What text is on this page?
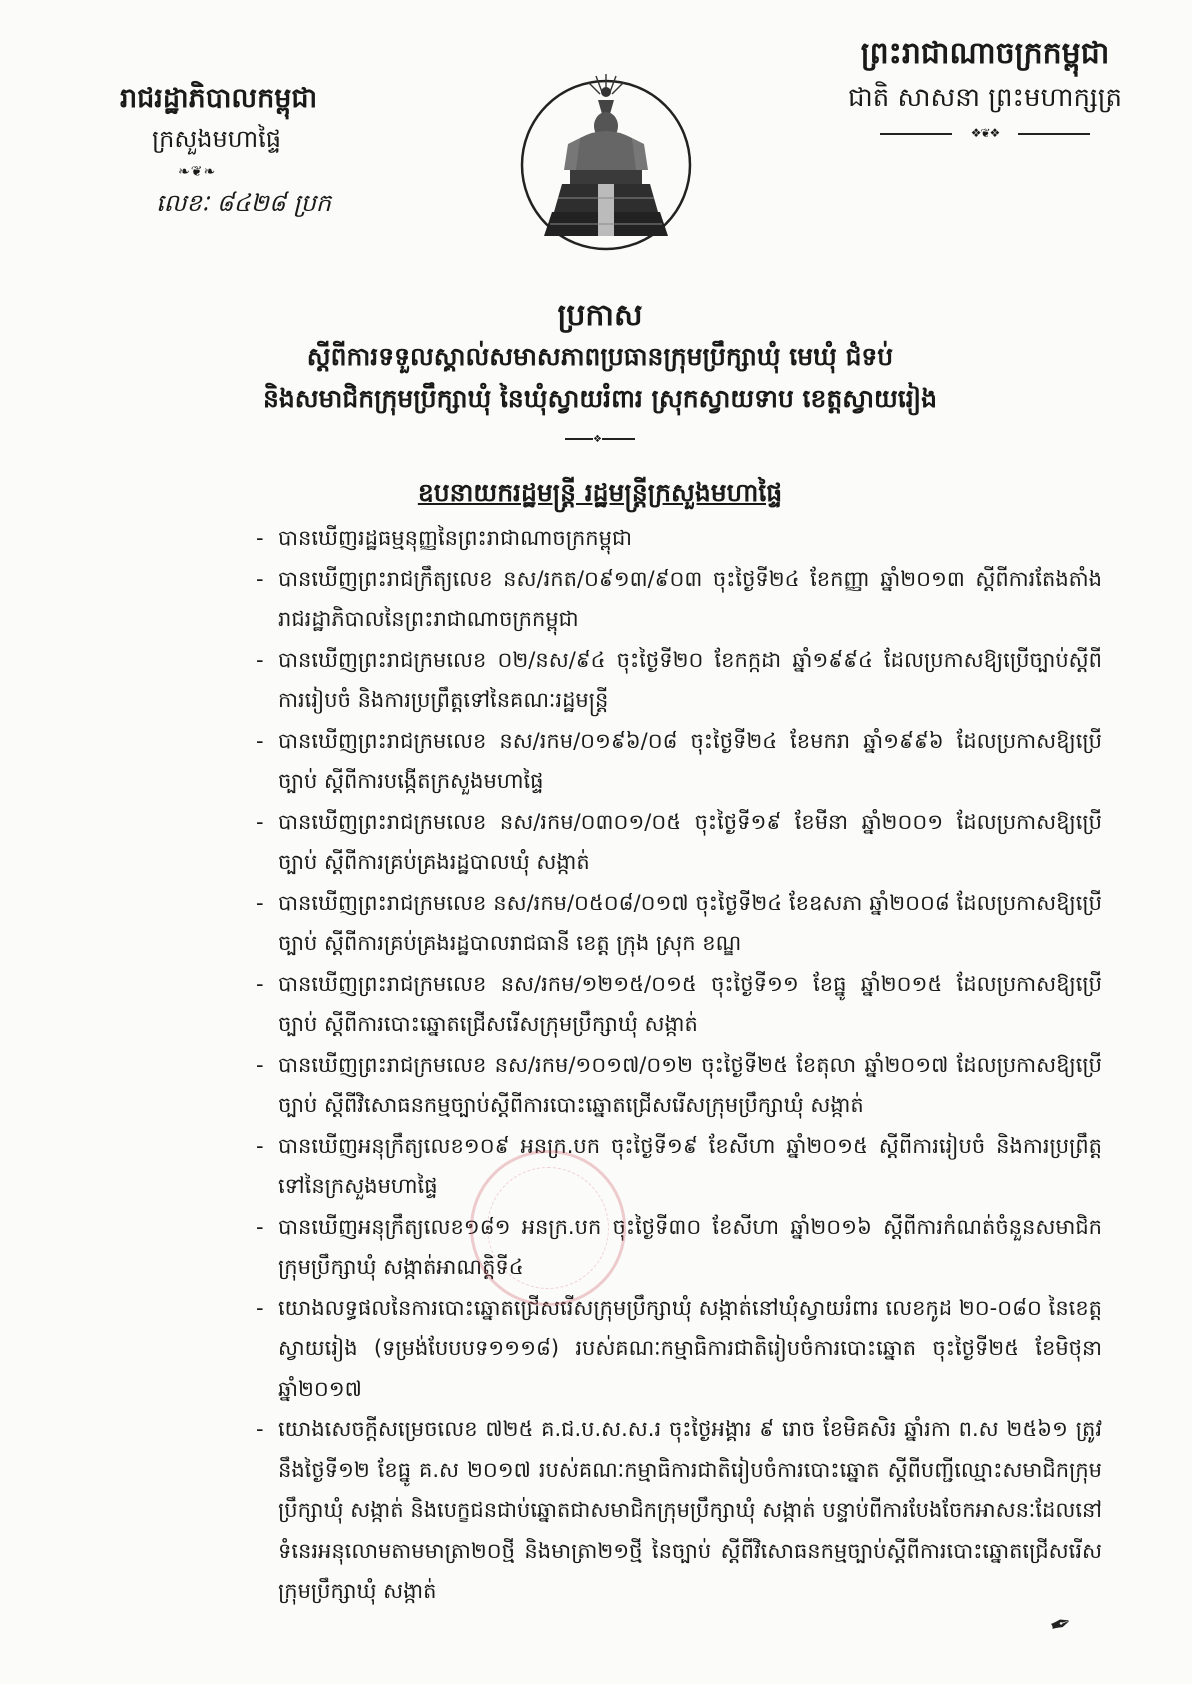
ព្រះរាជាណាចក្រកម្ពុជា
ជាតិ សាសនា ព្រះមហាក្សត្រ
❖❦❖
រាជរដ្ឋាភិបាលកម្ពុជា
ក្រសួងមហាផ្ទៃ
❧❦❧
លេខៈ ៨៤២៨ ប្រក
ប្រកាស
ស្តីពីការទទួលស្គាល់សមាសភាពប្រធានក្រុមប្រឹក្សាឃុំ មេឃុំ ជំទប់
និងសមាជិកក្រុមប្រឹក្សាឃុំ នៃឃុំស្វាយរំពារ ស្រុកស្វាយទាប ខេត្តស្វាយរៀង
❖
ឧបនាយករដ្ឋមន្ត្រី រដ្ឋមន្ត្រីក្រសួងមហាផ្ទៃ
- បានឃើញរដ្ឋធម្មនុញ្ញនៃព្រះរាជាណាចក្រកម្ពុជា
- បានឃើញព្រះរាជក្រឹត្យលេខ នស/រកត/០៩១៣/៩០៣ ចុះថ្ងៃទី២៤ ខែកញ្ញា ឆ្នាំ២០១៣ ស្តីពីការតែងតាំងរាជរដ្ឋាភិបាលនៃព្រះរាជាណាចក្រកម្ពុជា
- បានឃើញព្រះរាជក្រមលេខ ០២/នស/៩៤ ចុះថ្ងៃទី២០ ខែកក្កដា ឆ្នាំ១៩៩៤ ដែលប្រកាសឱ្យប្រើច្បាប់ស្តីពីការរៀបចំ និងការប្រព្រឹត្តទៅនៃគណៈរដ្ឋមន្ត្រី
- បានឃើញព្រះរាជក្រមលេខ នស/រកម/០១៩៦/០៨ ចុះថ្ងៃទី២៤ ខែមករា ឆ្នាំ១៩៩៦ ដែលប្រកាសឱ្យប្រើច្បាប់ ស្តីពីការបង្កើតក្រសួងមហាផ្ទៃ
- បានឃើញព្រះរាជក្រមលេខ នស/រកម/០៣០១/០៥ ចុះថ្ងៃទី១៩ ខែមីនា ឆ្នាំ២០០១ ដែលប្រកាសឱ្យប្រើច្បាប់ ស្តីពីការគ្រប់គ្រងរដ្ឋបាលឃុំ សង្កាត់
- បានឃើញព្រះរាជក្រមលេខ នស/រកម/០៥០៨/០១៧ ចុះថ្ងៃទី២៤ ខែឧសភា ឆ្នាំ២០០៨ ដែលប្រកាសឱ្យប្រើច្បាប់ ស្តីពីការគ្រប់គ្រងរដ្ឋបាលរាជធានី ខេត្ត ក្រុង ស្រុក ខណ្ឌ
- បានឃើញព្រះរាជក្រមលេខ នស/រកម/១២១៥/០១៥ ចុះថ្ងៃទី១១ ខែធ្នូ ឆ្នាំ២០១៥ ដែលប្រកាសឱ្យប្រើច្បាប់ ស្តីពីការបោះឆ្នោតជ្រើសរើសក្រុមប្រឹក្សាឃុំ សង្កាត់
- បានឃើញព្រះរាជក្រមលេខ នស/រកម/១០១៧/០១២ ចុះថ្ងៃទី២៥ ខែតុលា ឆ្នាំ២០១៧ ដែលប្រកាសឱ្យប្រើច្បាប់ ស្តីពីវិសោធនកម្មច្បាប់ស្តីពីការបោះឆ្នោតជ្រើសរើសក្រុមប្រឹក្សាឃុំ សង្កាត់
- បានឃើញអនុក្រឹត្យលេខ១០៩ អនក្រ.បក ចុះថ្ងៃទី១៩ ខែសីហា ឆ្នាំ២០១៥ ស្តីពីការរៀបចំ និងការប្រព្រឹត្តទៅនៃក្រសួងមហាផ្ទៃ
- បានឃើញអនុក្រឹត្យលេខ១៨១ អនក្រ.បក ចុះថ្ងៃទី៣០ ខែសីហា ឆ្នាំ២០១៦ ស្តីពីការកំណត់ចំនួនសមាជិកក្រុមប្រឹក្សាឃុំ សង្កាត់អាណត្តិទី៤
- យោងលទ្ធផលនៃការបោះឆ្នោតជ្រើសរើសក្រុមប្រឹក្សាឃុំ សង្កាត់នៅឃុំស្វាយរំពារ លេខកូដ ២០-០៨០ នៃខេត្តស្វាយរៀង (ទម្រង់បែបបទ១១១៨) របស់គណៈកម្មាធិការជាតិរៀបចំការបោះឆ្នោត ចុះថ្ងៃទី២៥ ខែមិថុនា ឆ្នាំ២០១៧
- យោងសេចក្តីសម្រេចលេខ ៧២៥ គ.ជ.ប.ស.ស.រ ចុះថ្ងៃអង្គារ ៩ រោច ខែមិគសិរ ឆ្នាំរកា ព.ស ២៥៦១ ត្រូវនឹងថ្ងៃទី១២ ខែធ្នូ គ.ស ២០១៧ របស់គណៈកម្មាធិការជាតិរៀបចំការបោះឆ្នោត ស្តីពីបញ្ជីឈ្មោះសមាជិកក្រុមប្រឹក្សាឃុំ សង្កាត់ និងបេក្ខជនជាប់ឆ្នោតជាសមាជិកក្រុមប្រឹក្សាឃុំ សង្កាត់ បន្ទាប់ពីការបែងចែកអាសនៈដែលនៅទំនេរអនុលោមតាមមាត្រា២០ថ្មី និងមាត្រា២១ថ្មី នៃច្បាប់ ស្តីពីវិសោធនកម្មច្បាប់ស្តីពីការបោះឆ្នោតជ្រើសរើសក្រុមប្រឹក្សាឃុំ សង្កាត់
✒
